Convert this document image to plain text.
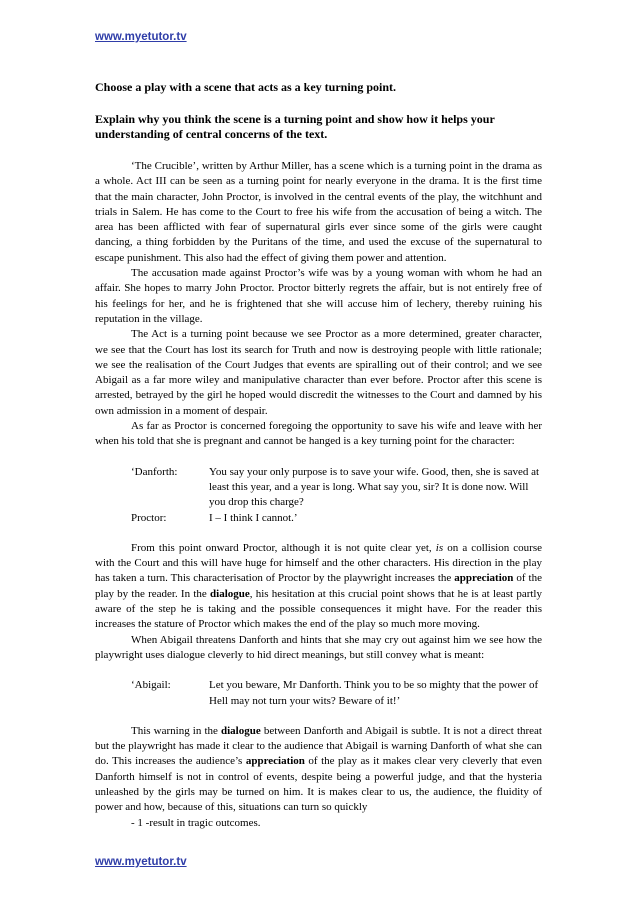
www.myetutor.tv

Choose a play with a scene that acts as a key turning point.

Explain why you think the scene is a turning point and show how it helps your understanding of central concerns of the text.

‘The Crucible’, written by Arthur Miller, has a scene which is a turning point in the drama as a whole. Act III can be seen as a turning point for nearly everyone in the drama. It is the first time that the main character, John Proctor, is involved in the central events of the play, the witchhunt and trials in Salem. He has come to the Court to free his wife from the accusation of being a witch. The area has been afflicted with fear of supernatural girls ever since some of the girls were caught dancing, a thing forbidden by the Puritans of the time, and used the excuse of the supernatural to escape punishment. This also had the effect of giving them power and attention.

The accusation made against Proctor’s wife was by a young woman with whom he had an affair. She hopes to marry John Proctor. Proctor bitterly regrets the affair, but is not entirely free of his feelings for her, and he is frightened that she will accuse him of lechery, thereby ruining his reputation in the village.

The Act is a turning point because we see Proctor as a more determined, greater character, we see that the Court has lost its search for Truth and now is destroying people with little rationale; we see the realisation of the Court Judges that events are spiralling out of their control; and we see Abigail as a far more wiley and manipulative character than ever before. Proctor after this scene is arrested, betrayed by the girl he hoped would discredit the witnesses to the Court and damned by his own admission in a moment of despair.

As far as Proctor is concerned foregoing the opportunity to save his wife and leave with her when his told that she is pregnant and cannot be hanged is a key turning point for the character:

‘Danforth:	You say your only purpose is to save your wife. Good, then, she is saved at least this year, and a year is long. What say you, sir? It is done now. Will you drop this charge?
Proctor:	I – I think I cannot.’

From this point onward Proctor, although it is not quite clear yet, is on a collision course with the Court and this will have huge for himself and the other characters. His direction in the play has taken a turn. This characterisation of Proctor by the playwright increases the appreciation of the play by the reader. In the dialogue, his hesitation at this crucial point shows that he is at least partly aware of the step he is taking and the possible consequences it might have. For the reader this increases the stature of Proctor which makes the end of the play so much more moving.

When Abigail threatens Danforth and hints that she may cry out against him we see how the playwright uses dialogue cleverly to hid direct meanings, but still convey what is meant:

‘Abigail:	Let you beware, Mr Danforth. Think you to be so mighty that the power of Hell may not turn your wits? Beware of it!’

This warning in the dialogue between Danforth and Abigail is subtle. It is not a direct threat but the playwright has made it clear to the audience that Abigail is warning Danforth of what she can do. This increases the audience’s appreciation of the play as it makes clear very cleverly that even Danforth himself is not in control of events, despite being a powerful judge, and that the hysteria unleashed by the girls may be turned on him. It is makes clear to us, the audience, the fluidity of power and how, because of this, situations can turn so quickly

- 1 -result in tragic outcomes.

www.myetutor.tv
